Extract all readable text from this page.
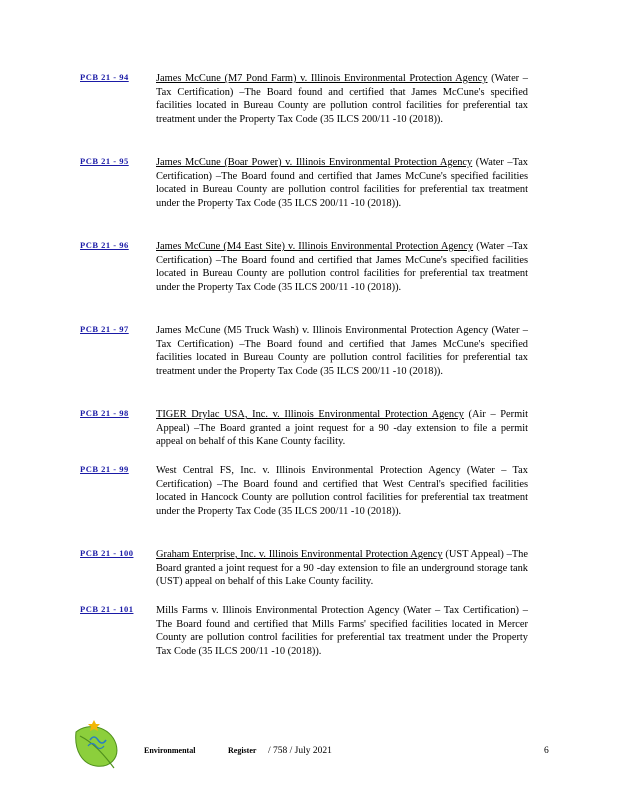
PCB 21 - 94	James McCune (M7 Pond Farm) v. Illinois Environmental Protection Agency (Water –Tax Certification) –The Board found and certified that James McCune's specified facilities located in Bureau County are pollution control facilities for preferential tax treatment under the Property Tax Code (35 ILCS 200/11 -10 (2018)).
PCB 21 - 95	James McCune (Boar Power) v. Illinois Environmental Protection Agency (Water –Tax Certification) –The Board found and certified that James McCune's specified facilities located in Bureau County are pollution control facilities for preferential tax treatment under the Property Tax Code (35 ILCS 200/11 -10 (2018)).
PCB 21 - 96	James McCune (M4 East Site) v. Illinois Environmental Protection Agency (Water –Tax Certification) –The Board found and certified that James McCune's specified facilities located in Bureau County are pollution control facilities for preferential tax treatment under the Property Tax Code (35 ILCS 200/11 -10 (2018)).
PCB 21 - 97	James McCune (M5 Truck Wash) v. Illinois Environmental Protection Agency (Water –Tax Certification) –The Board found and certified that James McCune's specified facilities located in Bureau County are pollution control facilities for preferential tax treatment under the Property Tax Code (35 ILCS 200/11 -10 (2018)).
PCB 21 - 98	TIGER Drylac USA, Inc. v. Illinois Environmental Protection Agency (Air – Permit Appeal) –The Board granted a joint request for a 90 -day extension to file a permit appeal on behalf of this Kane County facility.
PCB 21 - 99	West Central FS, Inc. v. Illinois Environmental Protection Agency (Water – Tax Certification) –The Board found and certified that West Central's specified facilities located in Hancock County are pollution control facilities for preferential tax treatment under the Property Tax Code (35 ILCS 200/11 -10 (2018)).
PCB 21 - 100	Graham Enterprise, Inc. v. Illinois Environmental Protection Agency (UST Appeal) –The Board granted a joint request for a 90 -day extension to file an underground storage tank (UST) appeal on behalf of this Lake County facility.
PCB 21 - 101	Mills Farms v. Illinois Environmental Protection Agency (Water – Tax Certification) –The Board found and certified that Mills Farms' specified facilities located in Mercer County are pollution control facilities for preferential tax treatment under the Property Tax Code (35 ILCS 200/11 -10 (2018)).
Environmental	Register / 758 / July 2021	6
